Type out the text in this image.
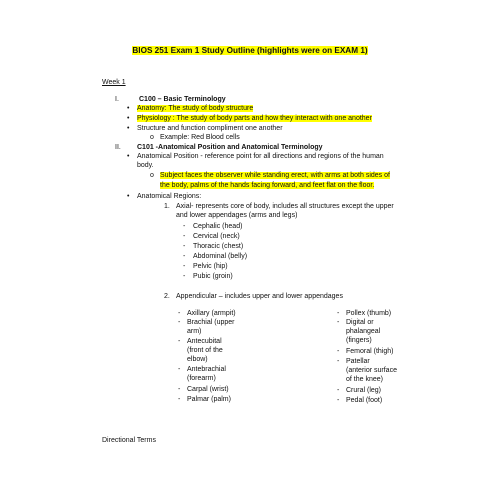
BIOS 251 Exam 1 Study Outline (highlights were on EXAM 1)
Week 1
I.	C100 – Basic Terminology
• Anatomy: The study of body structure
• Physiology : The study of body parts and how they interact with one another
• Structure and function compliment one another
o Example: Red Blood cells
II. C101 -Anatomical Position and Anatomical Terminology
• Anatomical Position - reference point for all directions and regions of the human
body.
o Subject faces the observer while standing erect, with arms at both sides of
the body, palms of the hands facing forward, and feet flat on the floor.
• Anatomical Regions:
1. Axial- represents core of body, includes all structures except the upper
and lower appendages (arms and legs)
- Cephalic (head)
- Cervical (neck)
- Thoracic (chest)
- Abdominal (belly)
- Pelvic (hip)
- Pubic (groin)
2. Appendicular – includes upper and lower appendages
- Axillary (armpit)
- Brachial (upper
arm)
- Antecubital
(front of the
elbow)
- Antebrachial
(forearm)
- Carpal (wrist)
- Palmar (palm)
- Pollex (thumb)
- Digital or
phalangeal
(fingers)
- Femoral (thigh)
- Patellar
(anterior surface
of the knee)
- Crural (leg)
- Pedal (foot)
Directional Terms
